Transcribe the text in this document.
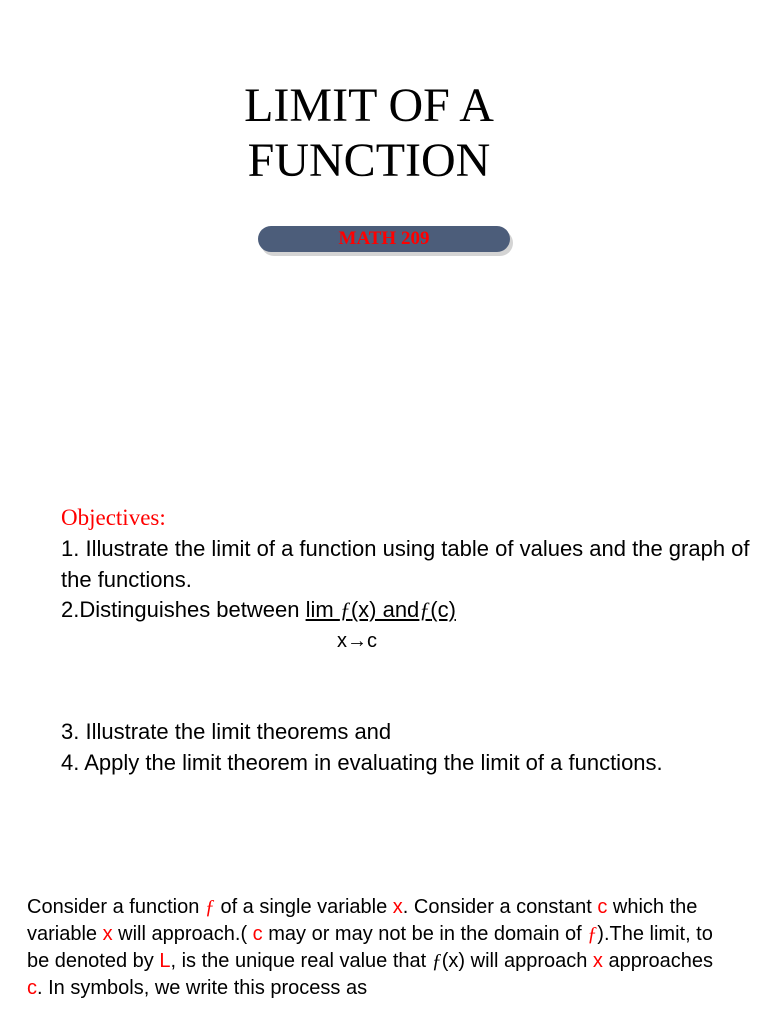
LIMIT OF A
FUNCTION
MATH 209
Objectives:

1. Illustrate the limit of a function using table of values and the graph of the functions.

2.Distinguishes between lim ƒ(x) andƒ(c)

x→c

3. Illustrate the limit theorems and

4. Apply the limit theorem in evaluating the limit of a functions.

Consider a function ƒ of a single variable x. Consider a constant c which the variable x will approach.( c may or may not be in the domain of ƒ).The limit, to be denoted by L, is the unique real value that ƒ(x) will approach x approaches c. In symbols, we write this process as
